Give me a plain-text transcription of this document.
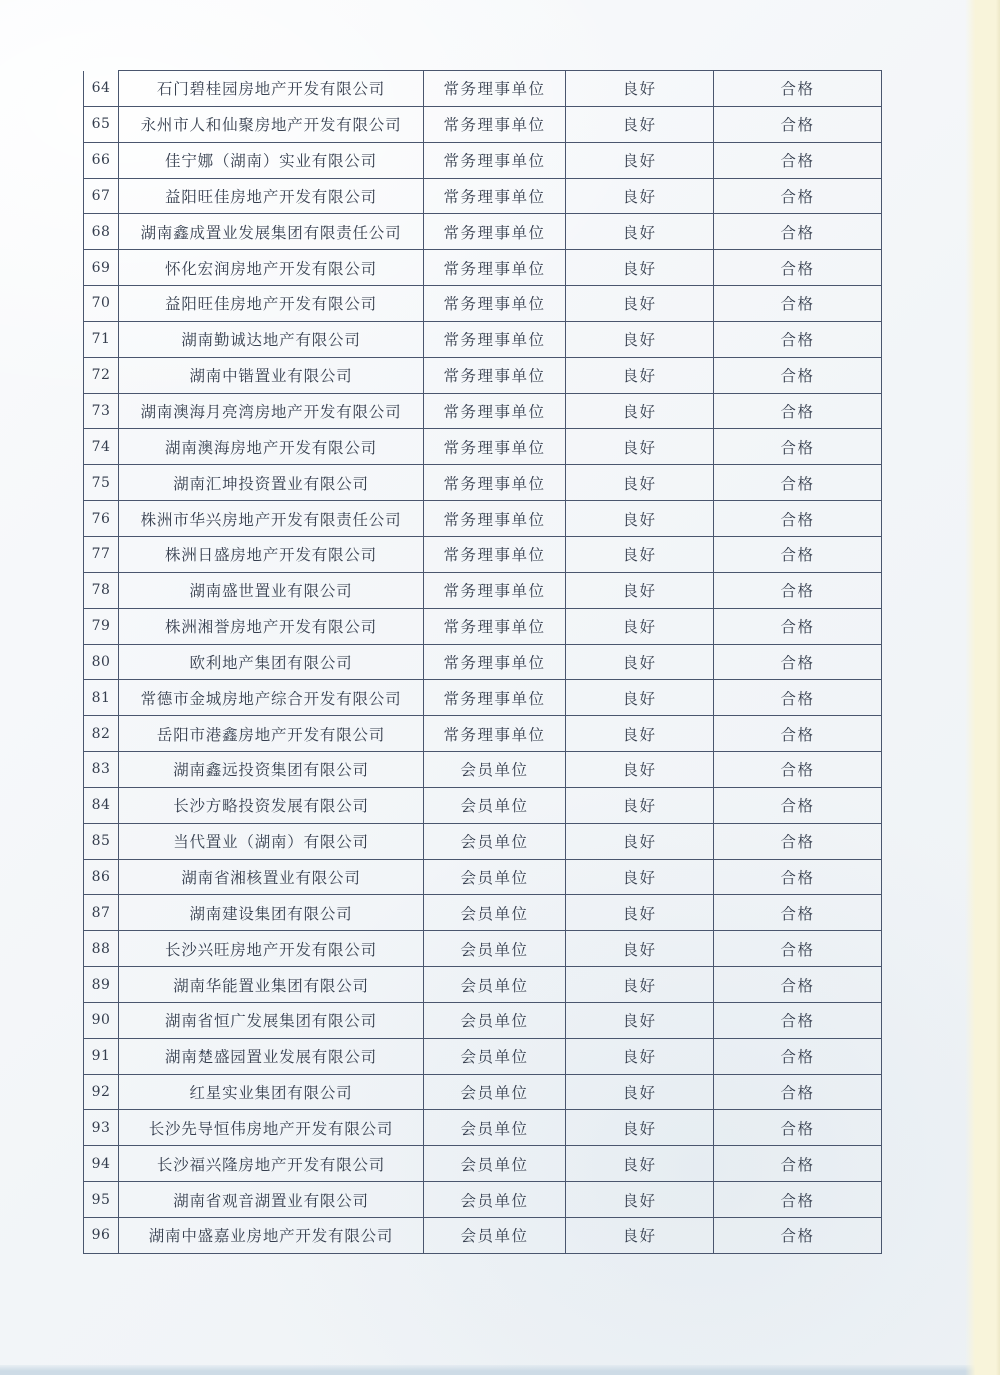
64	石门碧桂园房地产开发有限公司	常务理事单位	良好	合格
65	永州市人和仙聚房地产开发有限公司	常务理事单位	良好	合格
66	佳宁娜（湖南）实业有限公司	常务理事单位	良好	合格
67	益阳旺佳房地产开发有限公司	常务理事单位	良好	合格
68	湖南鑫成置业发展集团有限责任公司	常务理事单位	良好	合格
69	怀化宏润房地产开发有限公司	常务理事单位	良好	合格
70	益阳旺佳房地产开发有限公司	常务理事单位	良好	合格
71	湖南勤诚达地产有限公司	常务理事单位	良好	合格
72	湖南中锴置业有限公司	常务理事单位	良好	合格
73	湖南澳海月亮湾房地产开发有限公司	常务理事单位	良好	合格
74	湖南澳海房地产开发有限公司	常务理事单位	良好	合格
75	湖南汇坤投资置业有限公司	常务理事单位	良好	合格
76	株洲市华兴房地产开发有限责任公司	常务理事单位	良好	合格
77	株洲日盛房地产开发有限公司	常务理事单位	良好	合格
78	湖南盛世置业有限公司	常务理事单位	良好	合格
79	株洲湘誉房地产开发有限公司	常务理事单位	良好	合格
80	欧利地产集团有限公司	常务理事单位	良好	合格
81	常德市金城房地产综合开发有限公司	常务理事单位	良好	合格
82	岳阳市港鑫房地产开发有限公司	常务理事单位	良好	合格
83	湖南鑫远投资集团有限公司	会员单位	良好	合格
84	长沙方略投资发展有限公司	会员单位	良好	合格
85	当代置业（湖南）有限公司	会员单位	良好	合格
86	湖南省湘核置业有限公司	会员单位	良好	合格
87	湖南建设集团有限公司	会员单位	良好	合格
88	长沙兴旺房地产开发有限公司	会员单位	良好	合格
89	湖南华能置业集团有限公司	会员单位	良好	合格
90	湖南省恒广发展集团有限公司	会员单位	良好	合格
91	湖南楚盛园置业发展有限公司	会员单位	良好	合格
92	红星实业集团有限公司	会员单位	良好	合格
93	长沙先导恒伟房地产开发有限公司	会员单位	良好	合格
94	长沙福兴隆房地产开发有限公司	会员单位	良好	合格
95	湖南省观音湖置业有限公司	会员单位	良好	合格
96	湖南中盛嘉业房地产开发有限公司	会员单位	良好	合格
